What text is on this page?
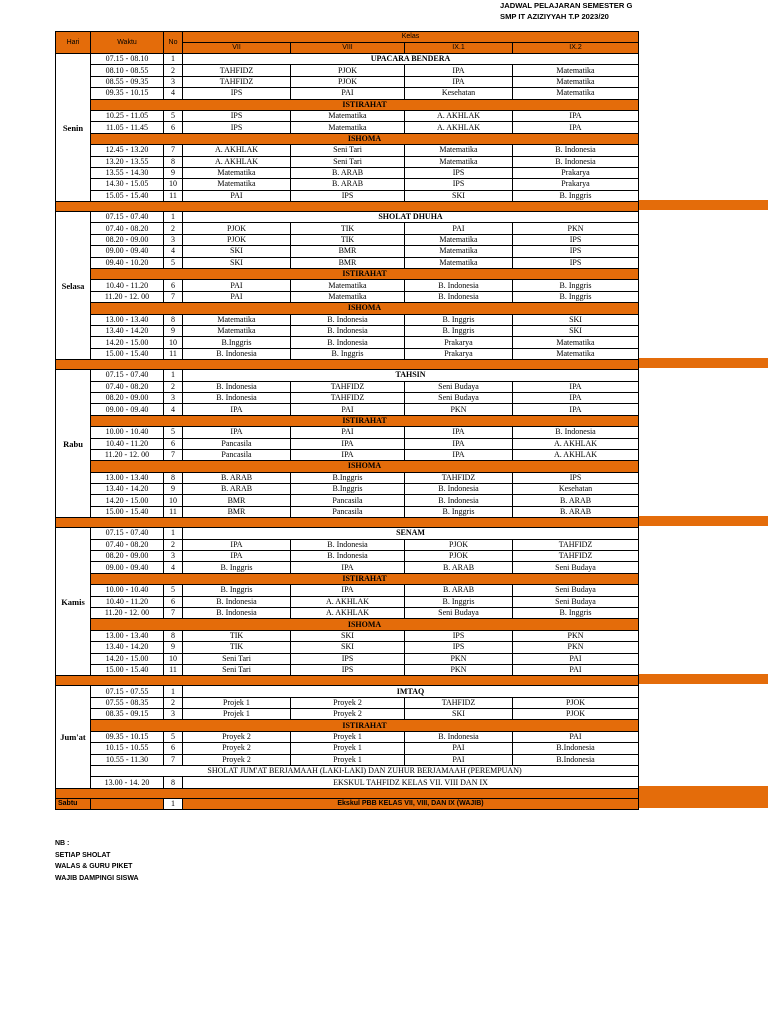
JADWAL PELAJARAN SEMESTER G
SMP IT AZIZIYYAH T.P 2023/20
Hari	Waktu	No	Kelas			
			VII	VIII	IX.1	IX.2
Senin	07.15 - 08.10	1	UPACARA BENDERA			
	08.10 - 08.55	2	TAHFIDZ	PJOK	IPA	Matematika
	08.55 - 09.35	3	TAHFIDZ	PJOK	IPA	Matematika
	09.35 - 10.15	4	IPS	PAI	Kesehatan	Matematika
	ISTIRAHAT					
	10.25 - 11.05	5	IPS	Matematika	A. AKHLAK	IPA
	11.05 - 11.45	6	IPS	Matematika	A. AKHLAK	IPA
	ISHOMA					
	12.45 - 13.20	7	A. AKHLAK	Seni Tari	Matematika	B. Indonesia
	13.20 - 13.55	8	A. AKHLAK	Seni Tari	Matematika	B. Indonesia
	13.55 - 14.30	9	Matematika	B. ARAB	IPS	Prakarya
	14.30 - 15.05	10	Matematika	B. ARAB	IPS	Prakarya
	15.05 - 15.40	11	PAI	IPS	SKI	B. Inggris

Selasa	07.15 - 07.40	1	SHOLAT DHUHA			
	07.40 - 08.20	2	PJOK	TIK	PAI	PKN
	08.20 - 09.00	3	PJOK	TIK	Matematika	IPS
	09.00 - 09.40	4	SKI	BMR	Matematika	IPS
	09.40 - 10.20	5	SKI	BMR	Matematika	IPS
	ISTIRAHAT					
	10.40 - 11.20	6	PAI	Matematika	B. Indonesia	B. Inggris
	11.20 - 12. 00	7	PAI	Matematika	B. Indonesia	B. Inggris
	ISHOMA					
	13.00 - 13.40	8	Matematika	B. Indonesia	B. Inggris	SKI
	13.40 - 14.20	9	Matematika	B. Indonesia	B. Inggris	SKI
	14.20 - 15.00	10	B.Inggris	B. Indonesia	Prakarya	Matematika
	15.00 - 15.40	11	B. Indonesia	B. Inggris	Prakarya	Matematika

Rabu	07.15 - 07.40	1	TAHSIN			
	07.40 - 08.20	2	B. Indonesia	TAHFIDZ	Seni Budaya	IPA
	08.20 - 09.00	3	B. Indonesia	TAHFIDZ	Seni Budaya	IPA
	09.00 - 09.40	4	IPA	PAI	PKN	IPA
	ISTIRAHAT					
	10.00 - 10.40	5	IPA	PAI	IPA	B. Indonesia
	10.40 - 11.20	6	Pancasila	IPA	IPA	A. AKHLAK
	11.20 - 12. 00	7	Pancasila	IPA	IPA	A. AKHLAK
	ISHOMA					
	13.00 - 13.40	8	B. ARAB	B.Inggris	TAHFIDZ	IPS
	13.40 - 14.20	9	B. ARAB	B.Inggris	B. Indonesia	Kesehatan
	14.20 - 15.00	10	BMR	Pancasila	B. Indonesia	B. ARAB
	15.00 - 15.40	11	BMR	Pancasila	B. Inggris	B. ARAB

Kamis	07.15 - 07.40	1	SENAM			
	07.40 - 08.20	2	IPA	B. Indonesia	PJOK	TAHFIDZ
	08.20 - 09.00	3	IPA	B. Indonesia	PJOK	TAHFIDZ
	09.00 - 09.40	4	B. Inggris	IPA	B. ARAB	Seni Budaya
	ISTIRAHAT					
	10.00 - 10.40	5	B. Inggris	IPA	B. ARAB	Seni Budaya
	10.40 - 11.20	6	B. Indonesia	A. AKHLAK	B. Inggris	Seni Budaya
	11.20 - 12. 00	7	B. Indonesia	A. AKHLAK	Seni Budaya	B. Inggris
	ISHOMA					
	13.00 - 13.40	8	TIK	SKI	IPS	PKN
	13.40 - 14.20	9	TIK	SKI	IPS	PKN
	14.20 - 15.00	10	Seni Tari	IPS	PKN	PAI
	15.00 - 15.40	11	Seni Tari	IPS	PKN	PAI

Jum'at	07.15 - 07.55	1	IMTAQ			
	07.55 - 08.35	2	Projek 1	Proyek 2	TAHFIDZ	PJOK
	08.35 - 09.15	3	Projek 1	Proyek 2	SKI	PJOK
	ISTIRAHAT					
	09.35 - 10.15	5	Proyek 2	Proyek 1	B. Indonesia	PAI
	10.15 - 10.55	6	Proyek 2	Proyek 1	PAI	B.Indonesia
	10.55 - 11.30	7	Proyek 2	Proyek 1	PAI	B.Indonesia
	SHOLAT JUM'AT BERJAMAAH (LAKI-LAKI) DAN ZUHUR BERJAMAAH (PEREMPUAN)					
	13.00 - 14. 20	8	EKSKUL TAHFIDZ KELAS VII. VIII DAN IX			

Sabtu		1	Ekskul PBB KELAS VII, VIII, DAN IX (WAJIB)			
NB :
SETIAP SHOLAT
WALAS & GURU PIKET
WAJIB DAMPINGI SISWA
